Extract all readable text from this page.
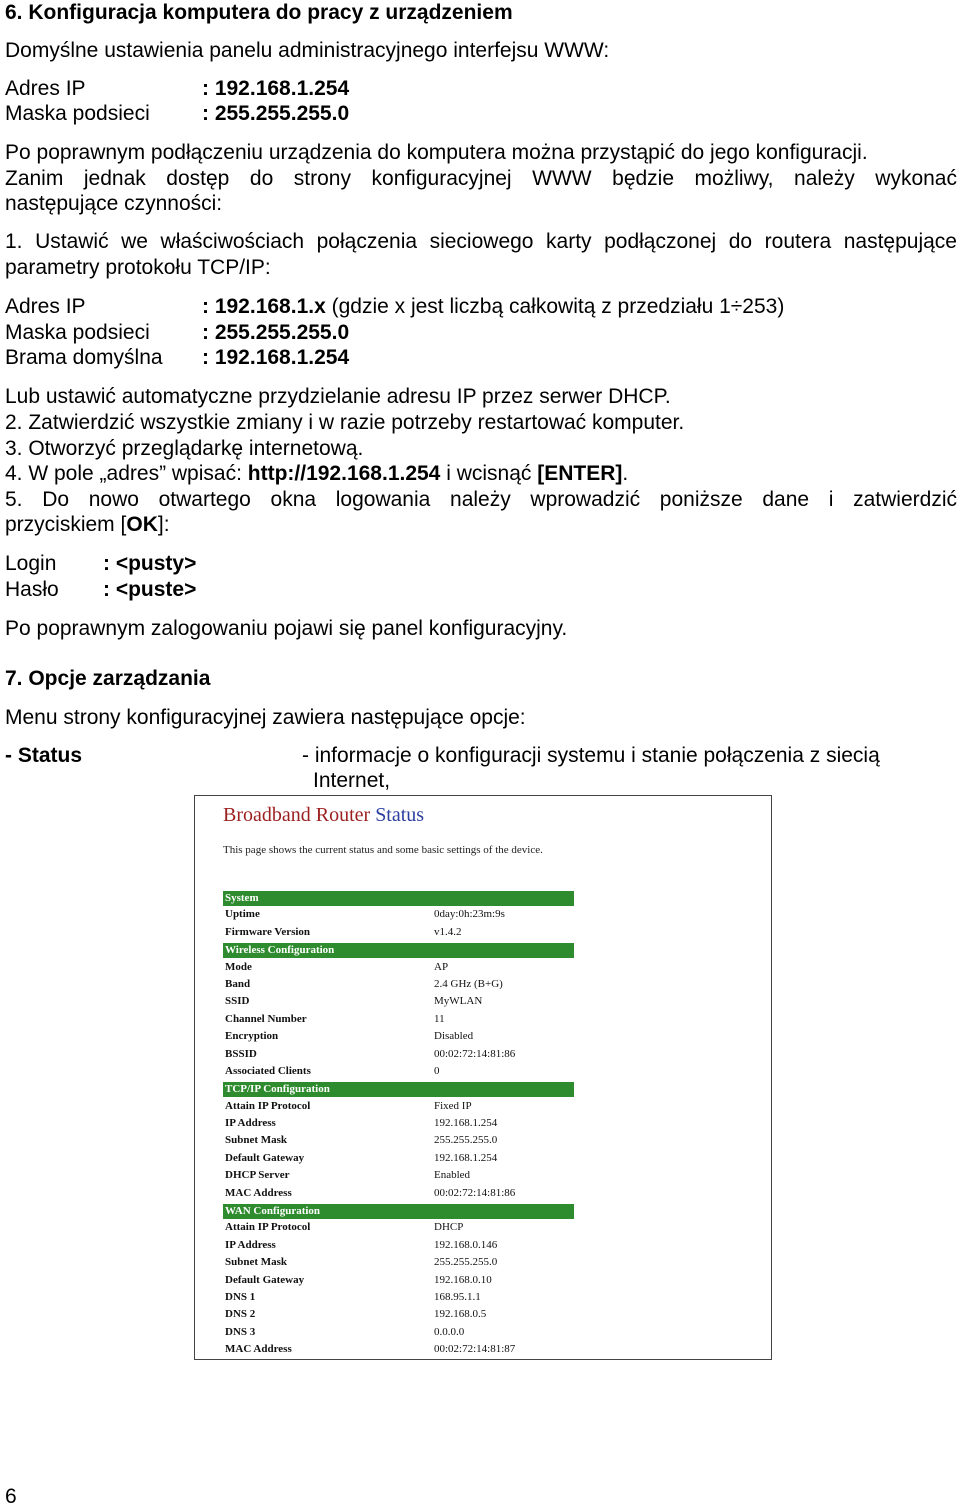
6. Konfiguracja komputera do pracy z urządzeniem
Domyślne ustawienia panelu administracyjnego interfejsu WWW:
Adres IP	: 192.168.1.254
Maska podsieci : 255.255.255.0
Po poprawnym podłączeniu urządzenia do komputera można przystąpić do jego konfiguracji.
Zanim jednak dostęp do strony konfiguracyjnej WWW będzie możliwy, należy wykonać
następujące czynności:
1. Ustawić we właściwościach połączenia sieciowego karty podłączonej do routera następujące
parametry protokołu TCP/IP:
Adres IP	: 192.168.1.x (gdzie x jest liczbą całkowitą z przedziału 1÷253)
Maska podsieci : 255.255.255.0
Brama domyślna : 192.168.1.254
Lub ustawić automatyczne przydzielanie adresu IP przez serwer DHCP.
2. Zatwierdzić wszystkie zmiany i w razie potrzeby restartować komputer.
3. Otworzyć przeglądarkę internetową.
4. W pole „adres” wpisać: http://192.168.1.254 i wcisnąć [ENTER].
5. Do nowo otwartego okna logowania należy wprowadzić poniższe dane i zatwierdzić
przyciskiem [OK]:
Login : <pusty>
Hasło : <puste>
Po poprawnym zalogowaniu pojawi się panel konfiguracyjny.
7. Opcje zarządzania
Menu strony konfiguracyjnej zawiera następujące opcje:
- Status	- informacje o konfiguracji systemu i stanie połączenia z siecią
Internet,
Broadband Router Status
This page shows the current status and some basic settings of the device.
System
Uptime	0day:0h:23m:9s
Firmware Version	v1.4.2
Wireless Configuration
Mode	AP
Band	2.4 GHz (B+G)
SSID	MyWLAN
Channel Number	11
Encryption	Disabled
BSSID	00:02:72:14:81:86
Associated Clients	0
TCP/IP Configuration
Attain IP Protocol	Fixed IP
IP Address	192.168.1.254
Subnet Mask	255.255.255.0
Default Gateway	192.168.1.254
DHCP Server	Enabled
MAC Address	00:02:72:14:81:86
WAN Configuration
Attain IP Protocol	DHCP
IP Address	192.168.0.146
Subnet Mask	255.255.255.0
Default Gateway	192.168.0.10
DNS 1	168.95.1.1
DNS 2	192.168.0.5
DNS 3	0.0.0.0
MAC Address	00:02:72:14:81:87
6
